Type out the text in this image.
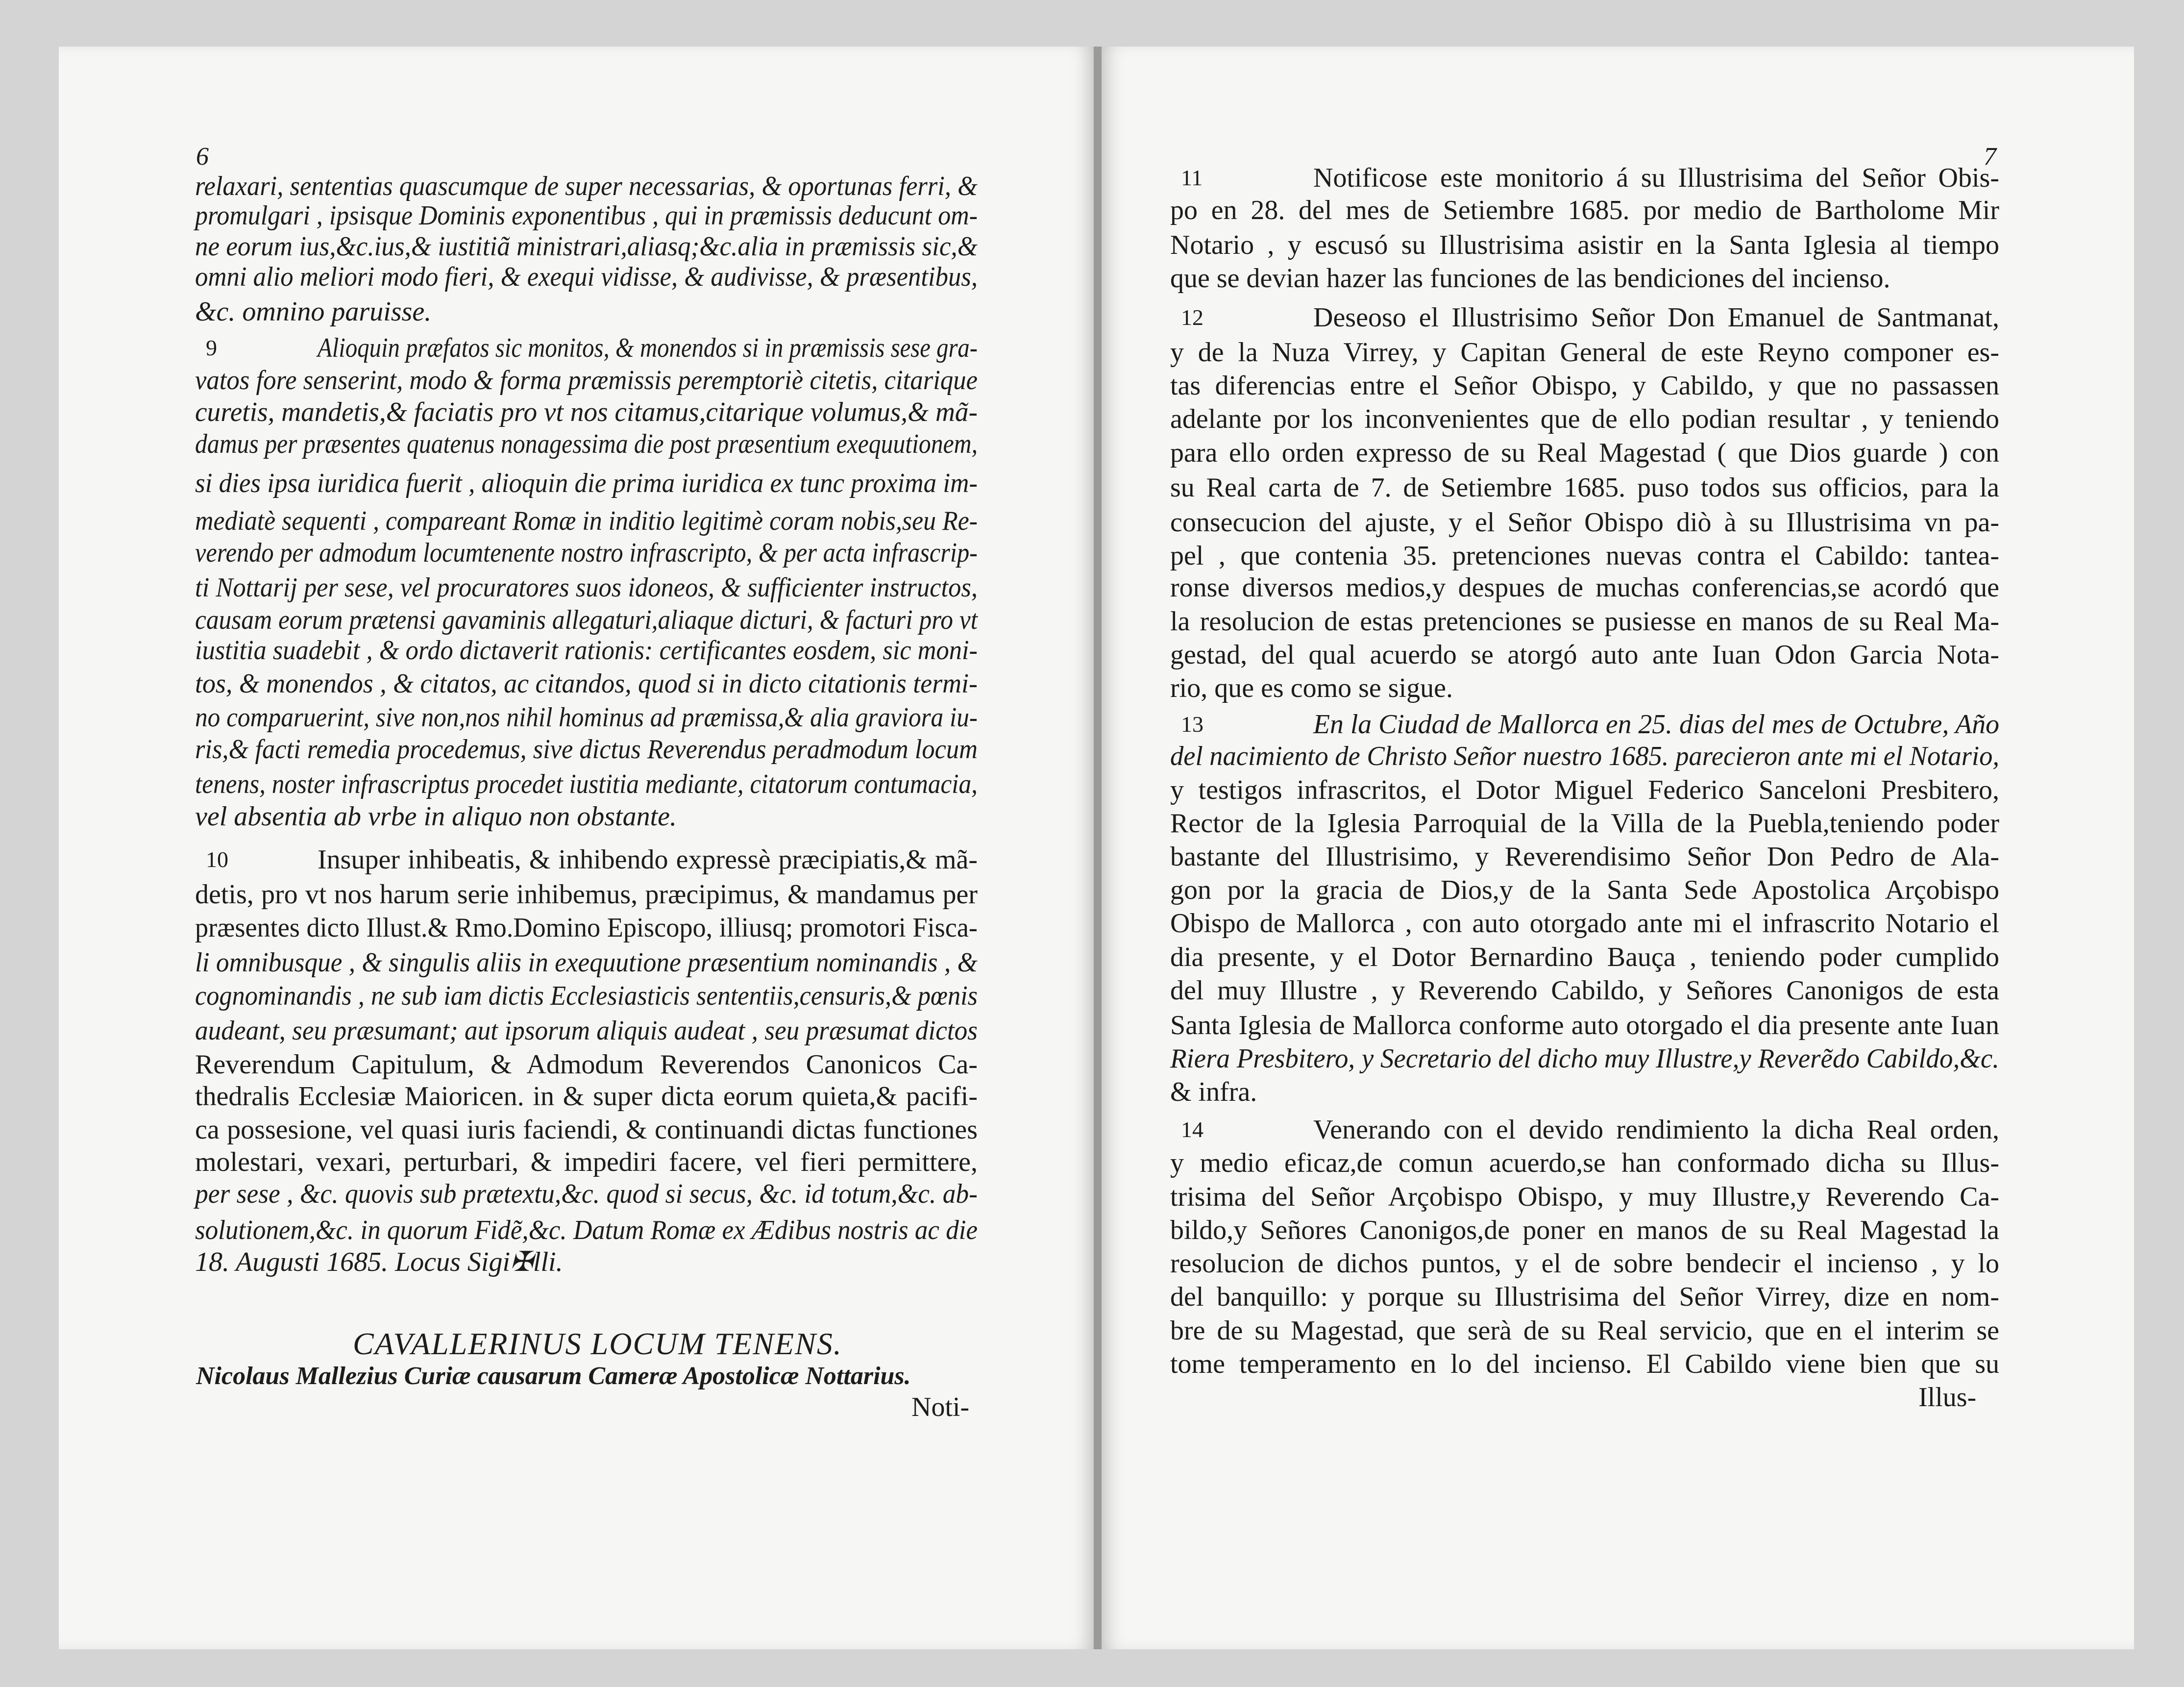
6	7
relaxari, sententias quascumque de super necessarias, & oportunas ferri, &
promulgari , ipsisque Dominis exponentibus , qui in præmissis deducunt om-
ne eorum ius,&c.ius,& iustitiã ministrari,aliasq;&c.alia in præmissis sic,&
omni alio meliori modo fieri, & exequi vidisse, & audivisse, & præsentibus,
&c. omnino paruisse.
9	Alioquin præfatos sic monitos, & monendos si in præmissis sese gra-
vatos fore senserint, modo & forma præmissis peremptoriè citetis, citarique
curetis, mandetis,& faciatis pro vt nos citamus,citarique volumus,& mã-
damus per præsentes quatenus nonagessima die post præsentium exequutionem,
si dies ipsa iuridica fuerit , alioquin die prima iuridica ex tunc proxima im-
mediatè sequenti , compareant Romæ in inditio legitimè coram nobis,seu Re-
verendo per admodum locumtenente nostro infrascripto, & per acta infrascrip-
ti Nottarij per sese, vel procuratores suos idoneos, & sufficienter instructos,
causam eorum prætensi gavaminis allegaturi,aliaque dicturi, & facturi pro vt
iustitia suadebit , & ordo dictaverit rationis: certificantes eosdem, sic moni-
tos, & monendos , & citatos, ac citandos, quod si in dicto citationis termi-
no comparuerint, sive non,nos nihil hominus ad præmissa,& alia graviora iu-
ris,& facti remedia procedemus, sive dictus Reverendus peradmodum locum
tenens, noster infrascriptus procedet iustitia mediante, citatorum contumacia,
vel absentia ab vrbe in aliquo non obstante.
10	Insuper inhibeatis, & inhibendo expressè præcipiatis,& mã-
detis, pro vt nos harum serie inhibemus, præcipimus, & mandamus per
præsentes dicto Illust.& Rmo.Domino Episcopo, illiusq; promotori Fisca-
li omnibusque , & singulis aliis in exequutione præsentium nominandis , &
cognominandis , ne sub iam dictis Ecclesiasticis sententiis,censuris,& pœnis
audeant, seu præsumant; aut ipsorum aliquis audeat , seu præsumat dictos
Reverendum Capitulum, & Admodum Reverendos Canonicos Ca-
thedralis Ecclesiæ Maioricen. in & super dicta eorum quieta,& pacifi-
ca possesione, vel quasi iuris faciendi, & continuandi dictas functiones
molestari, vexari, perturbari, & impediri facere, vel fieri permittere,
per sese , &c. quovis sub prætextu,&c. quod si secus, &c. id totum,&c. ab-
solutionem,&c. in quorum Fidẽ,&c. Datum Romæ ex Ædibus nostris ac die
18. Augusti 1685. Locus Sigi✠lli.
11	Notificose este monitorio á su Illustrisima del Señor Obis-
po en 28. del mes de Setiembre 1685. por medio de Bartholome Mir
Notario , y escusó su Illustrisima asistir en la Santa Iglesia al tiempo
que se devian hazer las funciones de las bendiciones del incienso.
12	Deseoso el Illustrisimo Señor Don Emanuel de Santmanat,
y de la Nuza Virrey, y Capitan General de este Reyno componer es-
tas diferencias entre el Señor Obispo, y Cabildo, y que no passassen
adelante por los inconvenientes que de ello podian resultar , y teniendo
para ello orden expresso de su Real Magestad ( que Dios guarde ) con
su Real carta de 7. de Setiembre 1685. puso todos sus officios, para la
consecucion del ajuste, y el Señor Obispo diò à su Illustrisima vn pa-
pel , que contenia 35. pretenciones nuevas contra el Cabildo: tantea-
ronse diversos medios,y despues de muchas conferencias,se acordó que
la resolucion de estas pretenciones se pusiesse en manos de su Real Ma-
gestad, del qual acuerdo se atorgó auto ante Iuan Odon Garcia Nota-
rio, que es como se sigue.
13	En la Ciudad de Mallorca en 25. dias del mes de Octubre, Año
del nacimiento de Christo Señor nuestro 1685. parecieron ante mi el Notario,
y testigos infrascritos, el Dotor Miguel Federico Sanceloni Presbitero,
Rector de la Iglesia Parroquial de la Villa de la Puebla,teniendo poder
bastante del Illustrisimo, y Reverendisimo Señor Don Pedro de Ala-
gon por la gracia de Dios,y de la Santa Sede Apostolica Arçobispo
Obispo de Mallorca , con auto otorgado ante mi el infrascrito Notario el
dia presente, y el Dotor Bernardino Bauça , teniendo poder cumplido
del muy Illustre , y Reverendo Cabildo, y Señores Canonigos de esta
Santa Iglesia de Mallorca conforme auto otorgado el dia presente ante Iuan
Riera Presbitero, y Secretario del dicho muy Illustre,y Reverẽdo Cabildo,&c.
& infra.
14	Venerando con el devido rendimiento la dicha Real orden,
y medio eficaz,de comun acuerdo,se han conformado dicha su Illus-
trisima del Señor Arçobispo Obispo, y muy Illustre,y Reverendo Ca-
bildo,y Señores Canonigos,de poner en manos de su Real Magestad la
resolucion de dichos puntos, y el de sobre bendecir el incienso , y lo
del banquillo: y porque su Illustrisima del Señor Virrey, dize en nom-
bre de su Magestad, que serà de su Real servicio, que en el interim se
tome temperamento en lo del incienso. El Cabildo viene bien que su
CAVALLERINUS LOCUM TENENS.
Nicolaus Mallezius Curiæ causarum Cameræ Apostolicæ Nottarius.
Noti-	Illus-
